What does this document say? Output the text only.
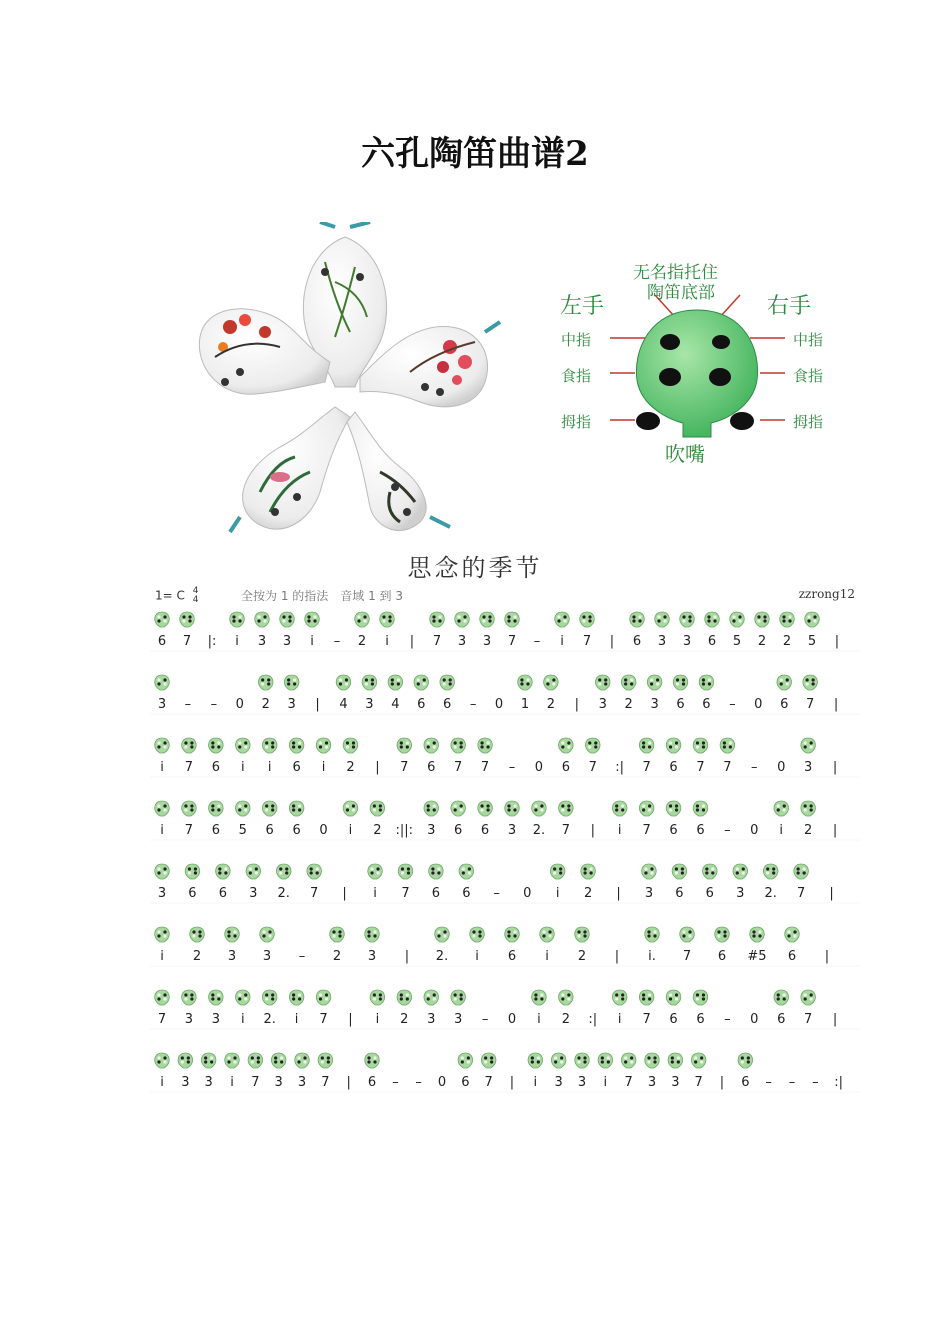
六孔陶笛曲谱2
无名指托住
陶笛底部
左手	右手
中指
食指
拇指
中指
食指
拇指
吹嘴
思念的季节
1= C 4
4	全按为 1 的指法　音域 1 到 3	zzrong12
6 7 |: i 3 3 i – 2 i | 7 3 3 7 – i 7 | 6 3 3 6 5 2 2 5 |
3 – – 0 2 3 | 4 3 4 6 6 – 0 1 2 | 3 2 3 6 6 – 0 6 7 |
i 7 6 i i 6 i 2 | 7 6 7 7 – 0 6 7 :| 7 6 7 7 – 0 3 |
i 7 6 5 6 6 0 i 2 :||: 3 6 6 3 2. 7 | i 7 6 6 – 0 i 2 |
3 6 6 3 2. 7 | i 7 6 6 – 0 i 2 | 3 6 6 3 2. 7 |
i 2 3 3 – 2 3 | 2. i 6 i 2 | i. 7 6 #5 6 |
7 3 3 i 2. i 7 | i 2 3 3 – 0 i 2 :| i 7 6 6 – 0 6 7 |
i 3 3 i 7 3 3 7 | 6 – – 0 6 7 | i 3 3 i 7 3 3 7 | 6 – – – :|
